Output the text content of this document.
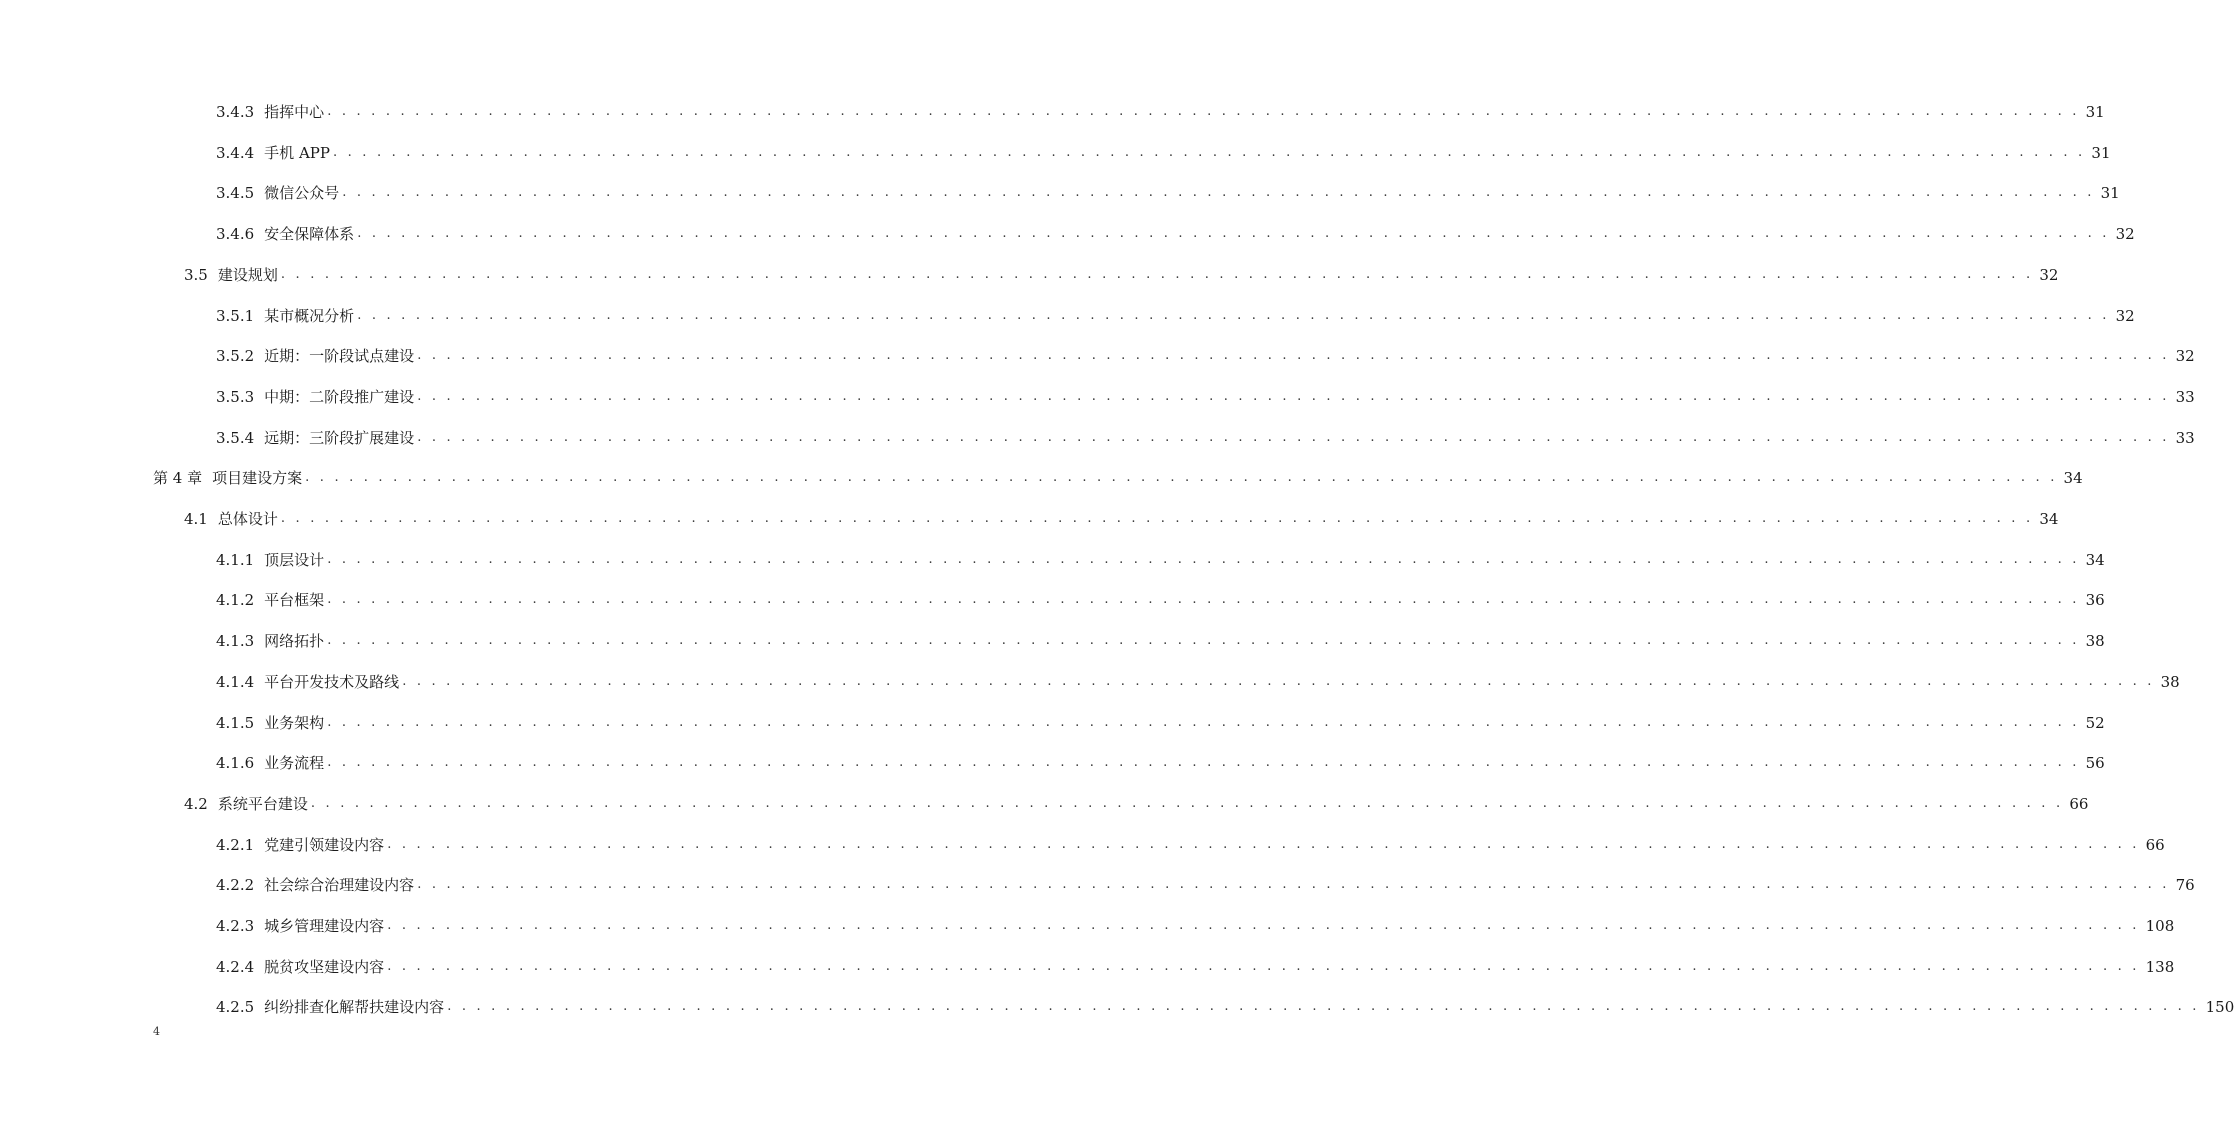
3.4.3 指挥中心 . . . . . . . . . . . . . . . . . . . . . . . . . . . . . . . . . . . . . . . . . . . . . . . . . . . . . . . . . . . . . . . . . . . . . . . . . . . . . . . . . . . . . . . . . . . . . . . . . . . . . . . . . . . . . . . . . . . . . . . . 31
3.4.4 手机 APP . . . . . . . . . . . . . . . . . . . . . . . . . . . . . . . . . . . . . . . . . . . . . . . . . . . . . . . . . . . . . . . . . . . . . . . . . . . . . . . . . . . . . . . . . . . . . . . . . . . . . . . . . . . . . . . . . . . . . . . . 31
3.4.5 微信公众号 . . . . . . . . . . . . . . . . . . . . . . . . . . . . . . . . . . . . . . . . . . . . . . . . . . . . . . . . . . . . . . . . . . . . . . . . . . . . . . . . . . . . . . . . . . . . . . . . . . . . . . . . . . . . . . . . . . . . . . . . 31
3.4.6 安全保障体系 . . . . . . . . . . . . . . . . . . . . . . . . . . . . . . . . . . . . . . . . . . . . . . . . . . . . . . . . . . . . . . . . . . . . . . . . . . . . . . . . . . . . . . . . . . . . . . . . . . . . . . . . . . . . . . . . . . . . . . . . 32
3.5 建设规划 . . . . . . . . . . . . . . . . . . . . . . . . . . . . . . . . . . . . . . . . . . . . . . . . . . . . . . . . . . . . . . . . . . . . . . . . . . . . . . . . . . . . . . . . . . . . . . . . . . . . . . . . . . . . . . . . . . . . . . . . 32
3.5.1 某市概况分析 . . . . . . . . . . . . . . . . . . . . . . . . . . . . . . . . . . . . . . . . . . . . . . . . . . . . . . . . . . . . . . . . . . . . . . . . . . . . . . . . . . . . . . . . . . . . . . . . . . . . . . . . . . . . . . . . . . . . . . . . 32
3.5.2 近期：一阶段试点建设 . . . . . . . . . . . . . . . . . . . . . . . . . . . . . . . . . . . . . . . . . . . . . . . . . . . . . . . . . . . . . . . . . . . . . . . . . . . . . . . . . . . . . . . . . . . . . . . . . . . . . . . . . . . . . . . . . . . . . . . . 32
3.5.3 中期：二阶段推广建设 . . . . . . . . . . . . . . . . . . . . . . . . . . . . . . . . . . . . . . . . . . . . . . . . . . . . . . . . . . . . . . . . . . . . . . . . . . . . . . . . . . . . . . . . . . . . . . . . . . . . . . . . . . . . . . . . . . . . . . . . 33
3.5.4 远期：三阶段扩展建设 . . . . . . . . . . . . . . . . . . . . . . . . . . . . . . . . . . . . . . . . . . . . . . . . . . . . . . . . . . . . . . . . . . . . . . . . . . . . . . . . . . . . . . . . . . . . . . . . . . . . . . . . . . . . . . . . . . . . . . . . 33
第 4 章 项目建设方案 . . . . . . . . . . . . . . . . . . . . . . . . . . . . . . . . . . . . . . . . . . . . . . . . . . . . . . . . . . . . . . . . . . . . . . . . . . . . . . . . . . . . . . . . . . . . . . . . . . . . . . . . . . . . . . . . . . . . . . . . 34
4.1 总体设计 . . . . . . . . . . . . . . . . . . . . . . . . . . . . . . . . . . . . . . . . . . . . . . . . . . . . . . . . . . . . . . . . . . . . . . . . . . . . . . . . . . . . . . . . . . . . . . . . . . . . . . . . . . . . . . . . . . . . . . . . 34
4.1.1 顶层设计 . . . . . . . . . . . . . . . . . . . . . . . . . . . . . . . . . . . . . . . . . . . . . . . . . . . . . . . . . . . . . . . . . . . . . . . . . . . . . . . . . . . . . . . . . . . . . . . . . . . . . . . . . . . . . . . . . . . . . . . . 34
4.1.2 平台框架 . . . . . . . . . . . . . . . . . . . . . . . . . . . . . . . . . . . . . . . . . . . . . . . . . . . . . . . . . . . . . . . . . . . . . . . . . . . . . . . . . . . . . . . . . . . . . . . . . . . . . . . . . . . . . . . . . . . . . . . . 36
4.1.3 网络拓扑 . . . . . . . . . . . . . . . . . . . . . . . . . . . . . . . . . . . . . . . . . . . . . . . . . . . . . . . . . . . . . . . . . . . . . . . . . . . . . . . . . . . . . . . . . . . . . . . . . . . . . . . . . . . . . . . . . . . . . . . . 38
4.1.4 平台开发技术及路线 . . . . . . . . . . . . . . . . . . . . . . . . . . . . . . . . . . . . . . . . . . . . . . . . . . . . . . . . . . . . . . . . . . . . . . . . . . . . . . . . . . . . . . . . . . . . . . . . . . . . . . . . . . . . . . . . . . . . . . . . 38
4.1.5 业务架构 . . . . . . . . . . . . . . . . . . . . . . . . . . . . . . . . . . . . . . . . . . . . . . . . . . . . . . . . . . . . . . . . . . . . . . . . . . . . . . . . . . . . . . . . . . . . . . . . . . . . . . . . . . . . . . . . . . . . . . . . 52
4.1.6 业务流程 . . . . . . . . . . . . . . . . . . . . . . . . . . . . . . . . . . . . . . . . . . . . . . . . . . . . . . . . . . . . . . . . . . . . . . . . . . . . . . . . . . . . . . . . . . . . . . . . . . . . . . . . . . . . . . . . . . . . . . . . 56
4.2 系统平台建设 . . . . . . . . . . . . . . . . . . . . . . . . . . . . . . . . . . . . . . . . . . . . . . . . . . . . . . . . . . . . . . . . . . . . . . . . . . . . . . . . . . . . . . . . . . . . . . . . . . . . . . . . . . . . . . . . . . . . . . . . 66
4.2.1 党建引领建设内容 . . . . . . . . . . . . . . . . . . . . . . . . . . . . . . . . . . . . . . . . . . . . . . . . . . . . . . . . . . . . . . . . . . . . . . . . . . . . . . . . . . . . . . . . . . . . . . . . . . . . . . . . . . . . . . . . . . . . . . . . 66
4.2.2 社会综合治理建设内容 . . . . . . . . . . . . . . . . . . . . . . . . . . . . . . . . . . . . . . . . . . . . . . . . . . . . . . . . . . . . . . . . . . . . . . . . . . . . . . . . . . . . . . . . . . . . . . . . . . . . . . . . . . . . . . . . . . . . . . . . 76
4.2.3 城乡管理建设内容 . . . . . . . . . . . . . . . . . . . . . . . . . . . . . . . . . . . . . . . . . . . . . . . . . . . . . . . . . . . . . . . . . . . . . . . . . . . . . . . . . . . . . . . . . . . . . . . . . . . . . . . . . . . . . . . . . . . . . . . . 108
4.2.4 脱贫攻坚建设内容 . . . . . . . . . . . . . . . . . . . . . . . . . . . . . . . . . . . . . . . . . . . . . . . . . . . . . . . . . . . . . . . . . . . . . . . . . . . . . . . . . . . . . . . . . . . . . . . . . . . . . . . . . . . . . . . . . . . . . . . . 138
4.2.5 纠纷排查化解帮扶建设内容 . . . . . . . . . . . . . . . . . . . . . . . . . . . . . . . . . . . . . . . . . . . . . . . . . . . . . . . . . . . . . . . . . . . . . . . . . . . . . . . . . . . . . . . . . . . . . . . . . . . . . . . . . . . . . . . . . . . . . . . . 150
4
